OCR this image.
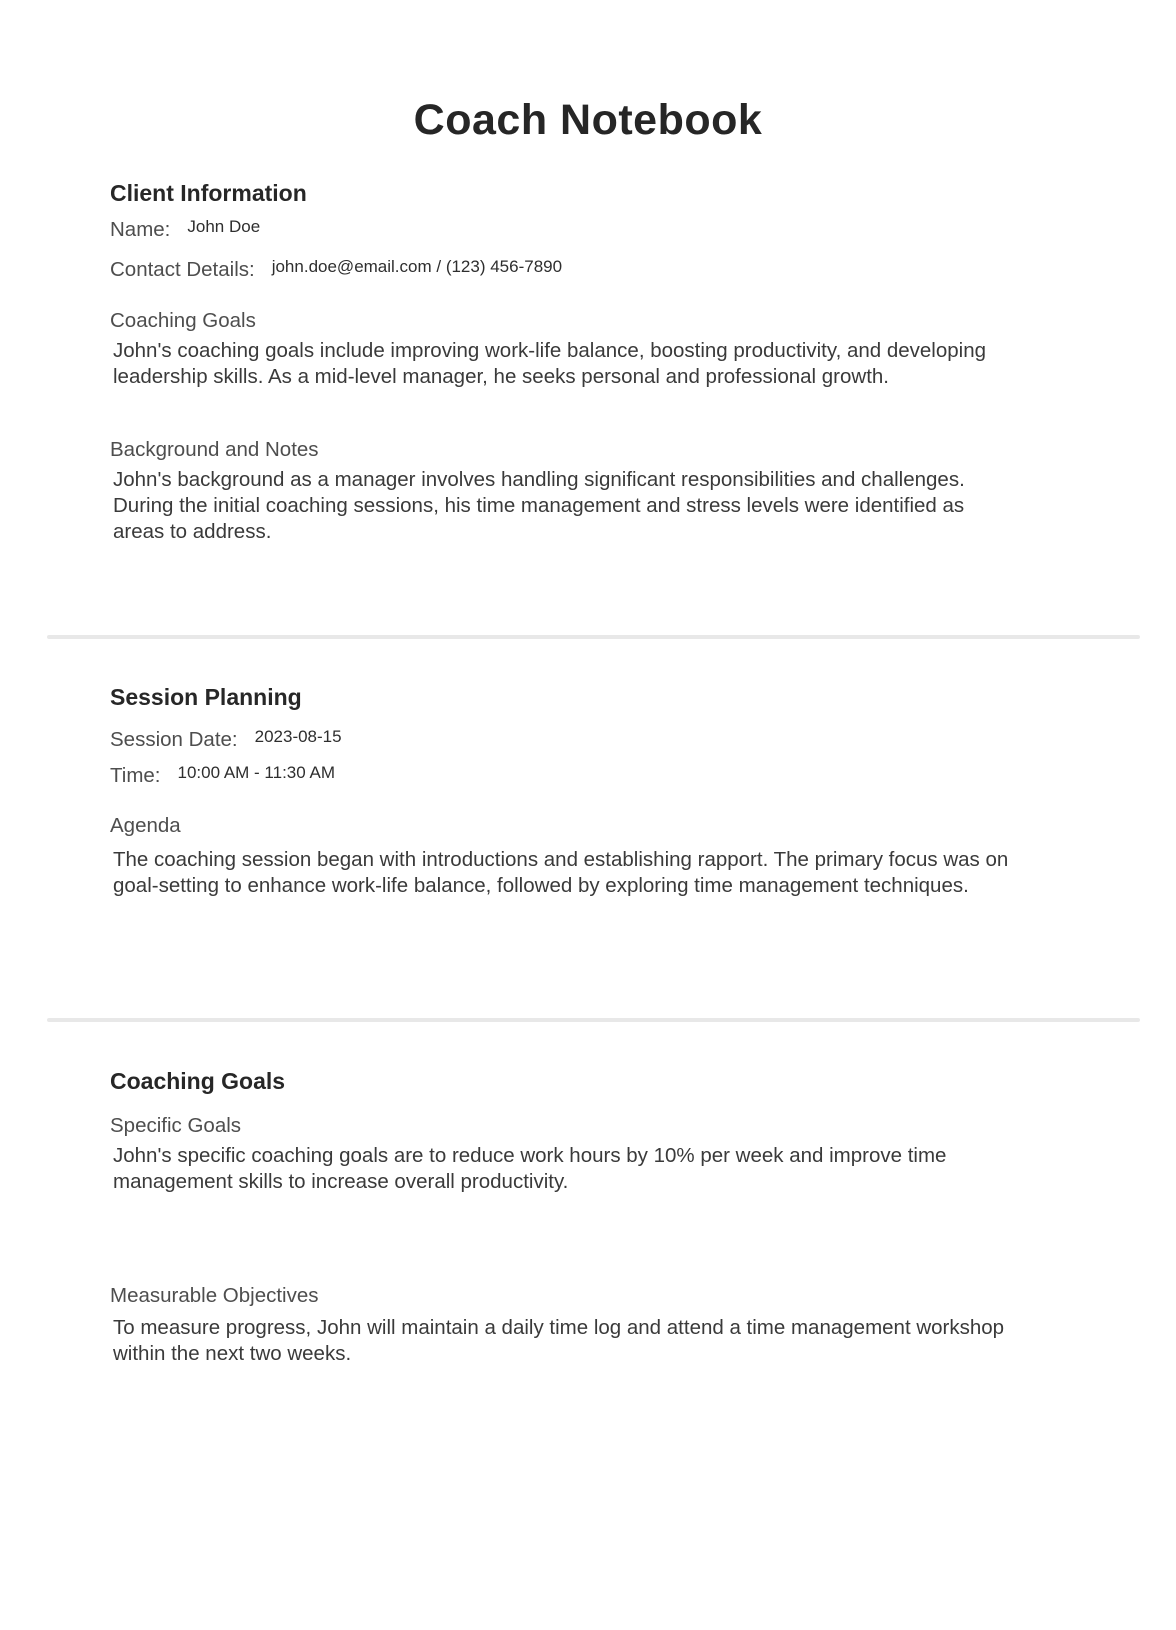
Coach Notebook
Client Information
Name: John Doe
Contact Details: john.doe@email.com / (123) 456-7890
Coaching Goals
John's coaching goals include improving work-life balance, boosting productivity, and developing leadership skills. As a mid-level manager, he seeks personal and professional growth.
Background and Notes
John's background as a manager involves handling significant responsibilities and challenges. During the initial coaching sessions, his time management and stress levels were identified as areas to address.
Session Planning
Session Date: 2023-08-15
Time: 10:00 AM - 11:30 AM
Agenda
The coaching session began with introductions and establishing rapport. The primary focus was on goal-setting to enhance work-life balance, followed by exploring time management techniques.
Coaching Goals
Specific Goals
John's specific coaching goals are to reduce work hours by 10% per week and improve time management skills to increase overall productivity.
Measurable Objectives
To measure progress, John will maintain a daily time log and attend a time management workshop within the next two weeks.
